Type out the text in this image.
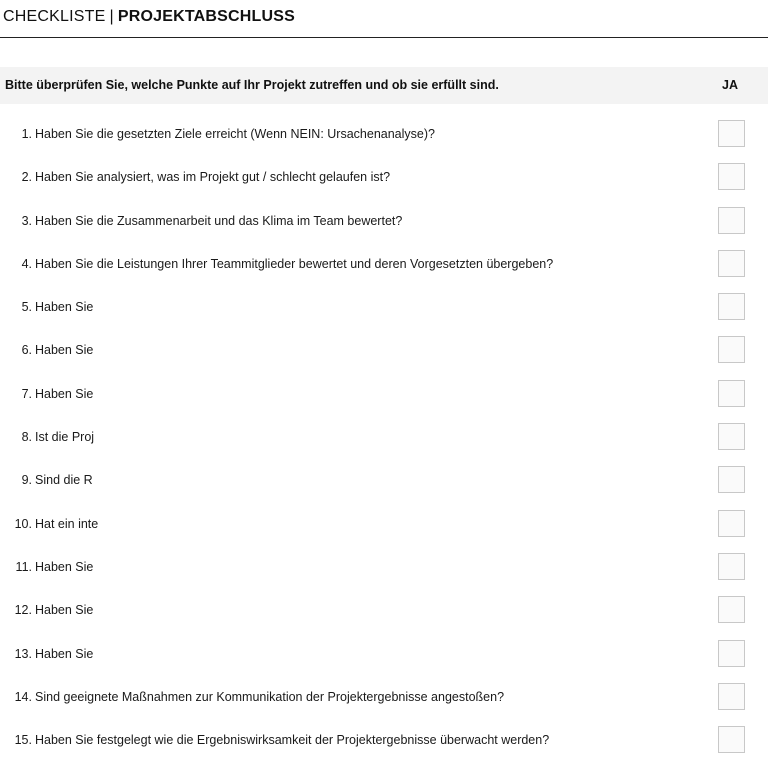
CHECKLISTE | PROJEKTABSCHLUSS
Bitte überprüfen Sie, welche Punkte auf Ihr Projekt zutreffen und ob sie erfüllt sind.	JA
1. Haben Sie die gesetzten Ziele erreicht (Wenn NEIN: Ursachenanalyse)?
2. Haben Sie analysiert, was im Projekt gut / schlecht gelaufen ist?
3. Haben Sie die Zusammenarbeit und das Klima im Team bewertet?
4. Haben Sie die Leistungen Ihrer Teammitglieder bewertet und deren Vorgesetzten übergeben?
5. Haben Sie
6. Haben Sie
7. Haben Sie
8. Ist die Proj
9. Sind die R
10. Hat ein inte
11. Haben Sie
12. Haben Sie
13. Haben Sie
14. Sind geeignete Maßnahmen zur Kommunikation der Projektergebnisse angestoßen?
15. Haben Sie festgelegt wie die Ergebniswirksamkeit der Projektergebnisse überwacht werden?
